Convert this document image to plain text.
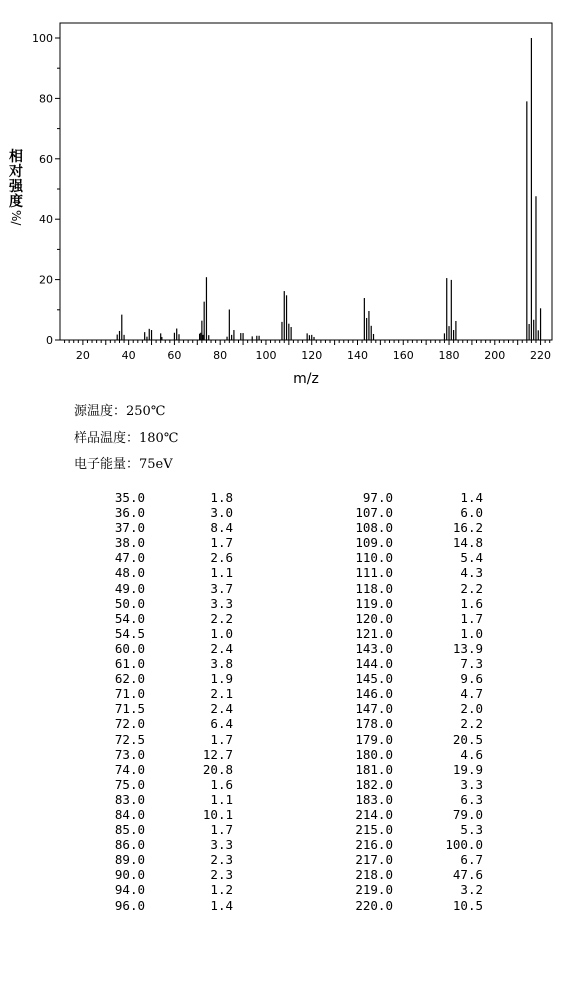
0
20
40
60
80
100
20	40	60	80	100 120 140 160 180 200 220
m/z
相对强度
%/
源温度：250℃
样品温度：180℃
电子能量：75eV
35.0	1.8	97.0	1.4
36.0	3.0	107.0	6.0
37.0	8.4	108.0	16.2
38.0	1.7	109.0	14.8
47.0	2.6	110.0	5.4
48.0	1.1	111.0	4.3
49.0	3.7	118.0	2.2
50.0	3.3	119.0	1.6
54.0	2.2	120.0	1.7
54.5	1.0	121.0	1.0
60.0	2.4	143.0	13.9
61.0	3.8	144.0	7.3
62.0	1.9	145.0	9.6
71.0	2.1	146.0	4.7
71.5	2.4	147.0	2.0
72.0	6.4	178.0	2.2
72.5	1.7	179.0	20.5
73.0	12.7	180.0	4.6
74.0	20.8	181.0	19.9
75.0	1.6	182.0	3.3
83.0	1.1	183.0	6.3
84.0	10.1	214.0	79.0
85.0	1.7	215.0	5.3
86.0	3.3	216.0	100.0
89.0	2.3	217.0	6.7
90.0	2.3	218.0	47.6
94.0	1.2	219.0	3.2
96.0	1.4	220.0	10.5
